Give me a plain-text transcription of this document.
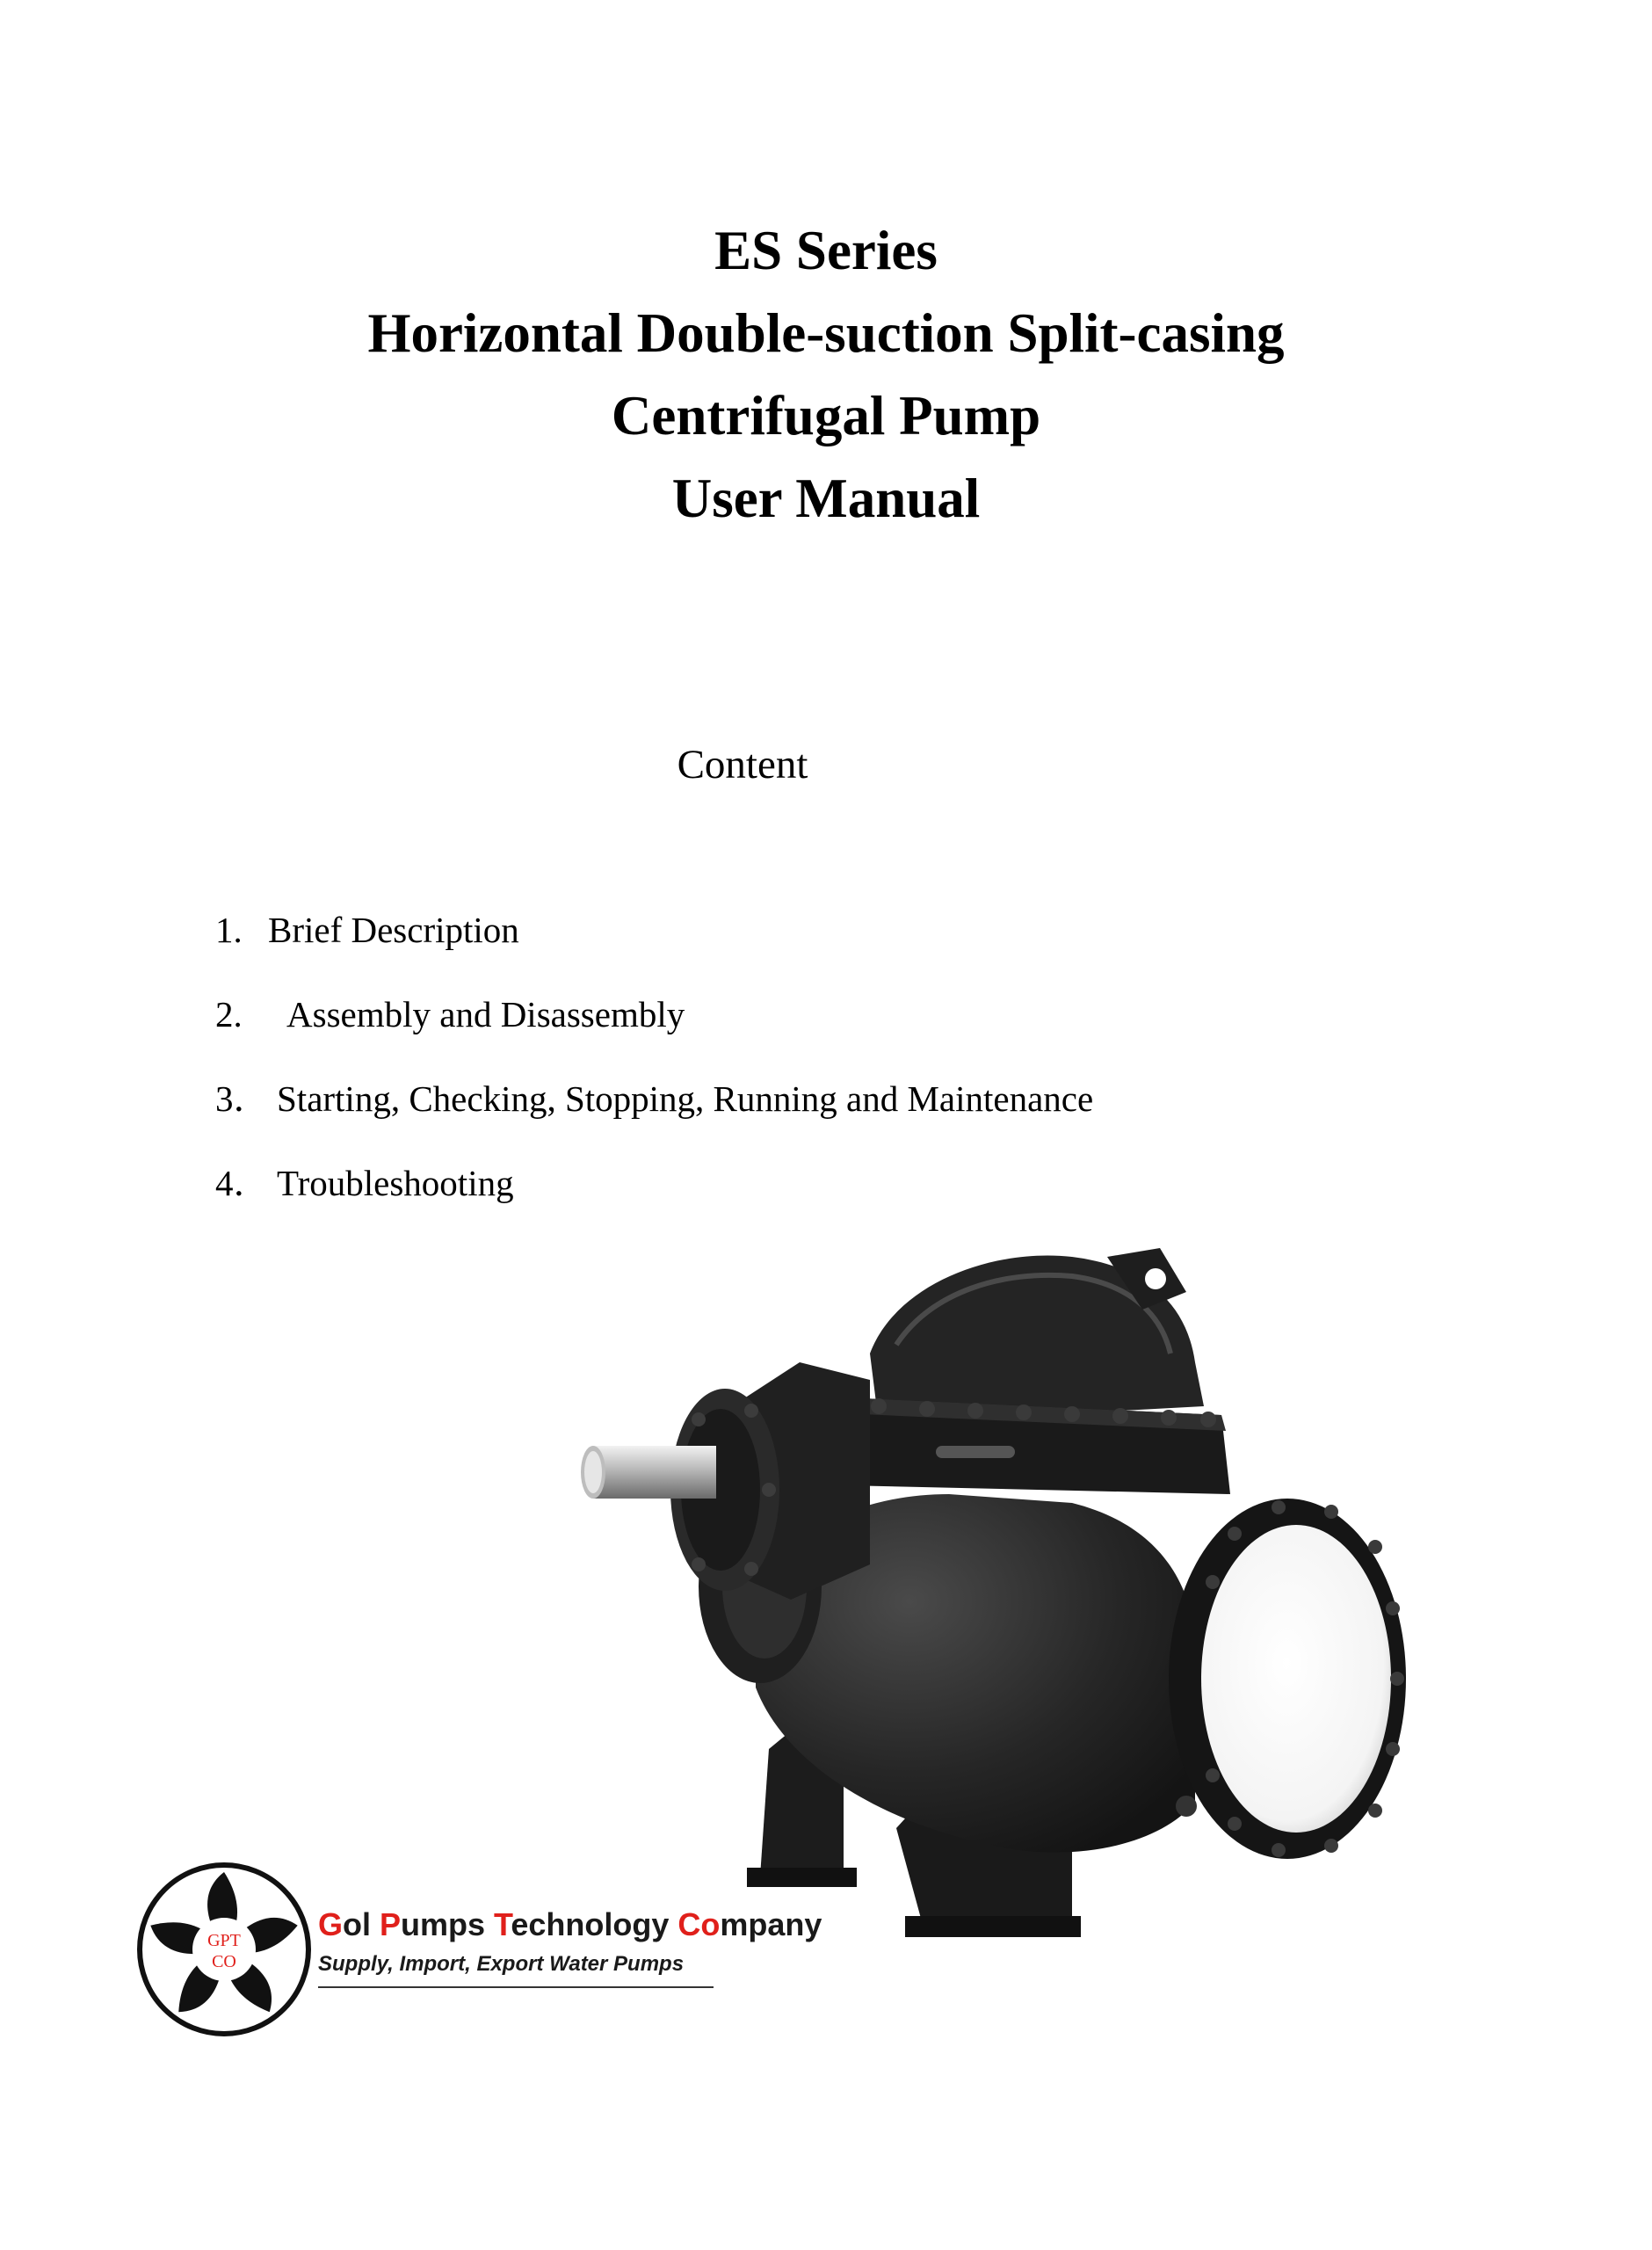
ES Series

Horizontal Double-suction Split-casing

Centrifugal Pump

User Manual

Content
1. Brief Description
2. Assembly and Disassembly
3． Starting, Checking, Stopping, Running and Maintenance
4． Troubleshooting
GPT
CO
Gol Pumps Technology Company
Supply, Import, Export Water Pumps
